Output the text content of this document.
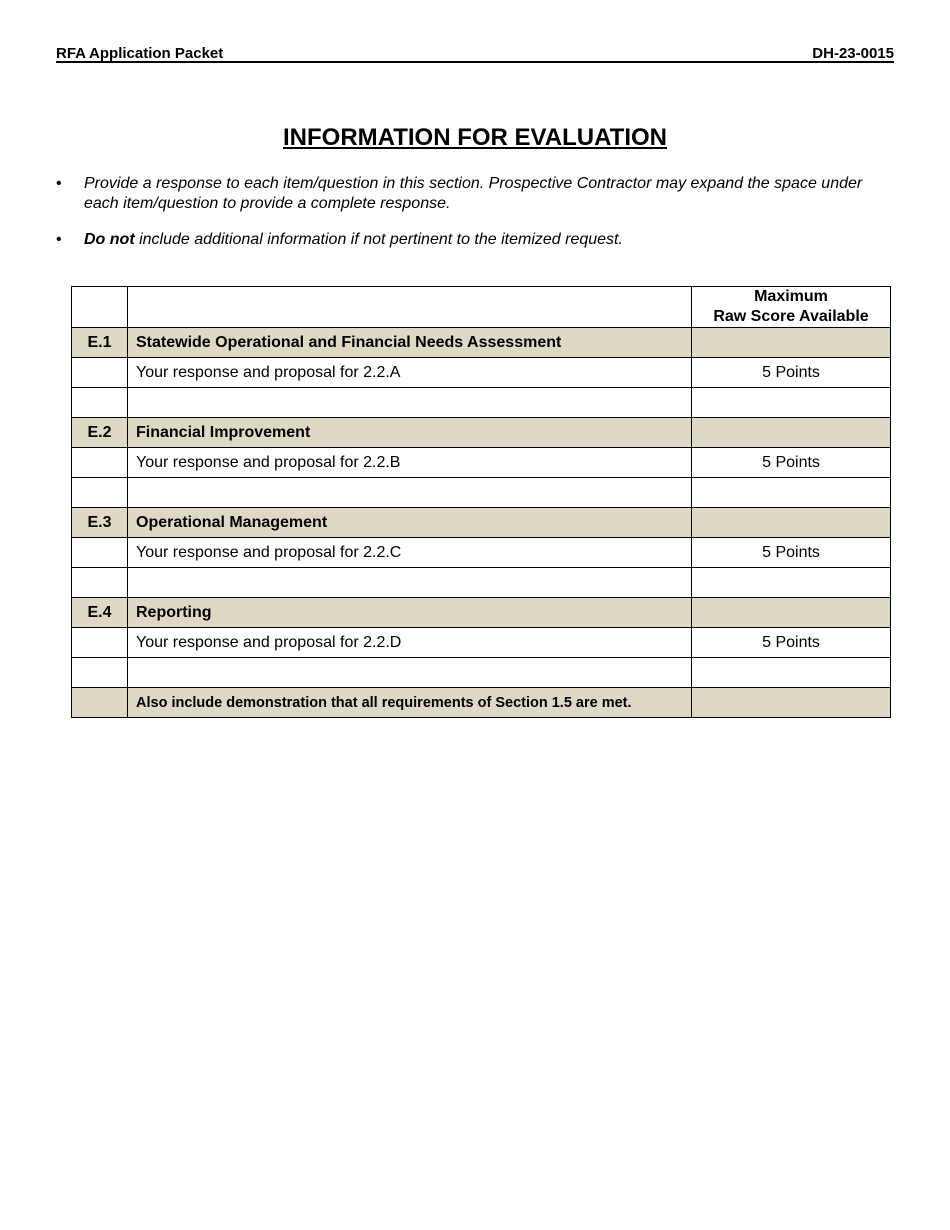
RFA Application Packet	DH-23-0015
INFORMATION FOR EVALUATION
• Provide a response to each item/question in this section. Prospective Contractor may expand the space under each item/question to provide a complete response.
• Do not include additional information if not pertinent to the itemized request.

		Maximum
Raw Score Available

E.1	Statewide Operational and Financial Needs Assessment	
	Your response and proposal for 2.2.A	5 Points

E.2	Financial Improvement	
	Your response and proposal for 2.2.B	5 Points

E.3	Operational Management	
	Your response and proposal for 2.2.C	5 Points

E.4	Reporting	
	Your response and proposal for 2.2.D	5 Points

	Also include demonstration that all requirements of Section 1.5 are met.	
